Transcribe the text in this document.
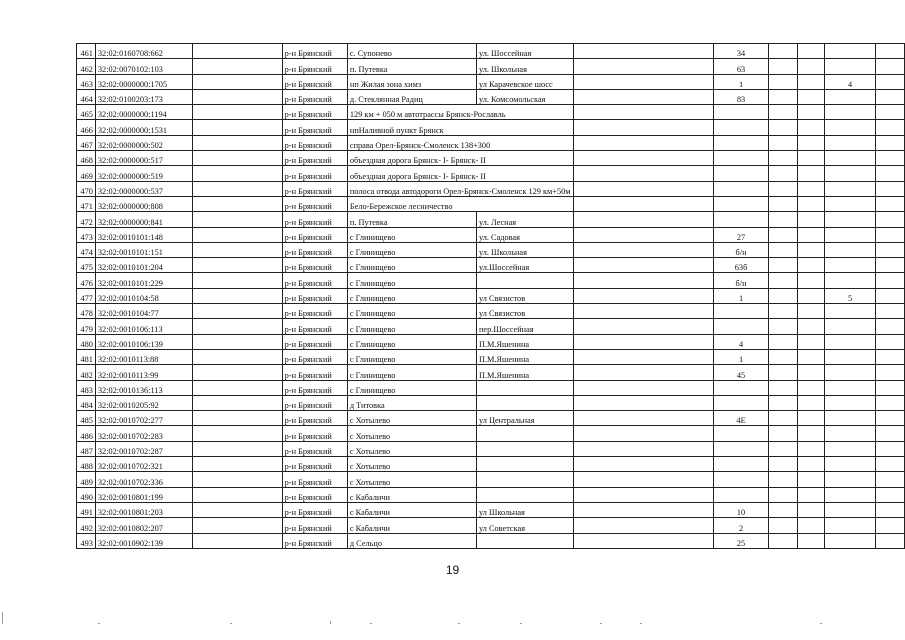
461	32:02:0160708:662		р-н Брянский	с. Супонево	ул. Шоссейная		34				
462	32:02:0070102:103		р-н Брянский	п. Путевка	ул. Школьная		63				
463	32:02:0000000:1705		р-н Брянский	нп Жилая зона химз	ул Карачевское шосс		1			4	
464	32:02:0100203:173		р-н Брянский	д. Стеклянная Радиц	ул. Комсомольская		83				
465	32:02:0000000:1194		р-н Брянский	129 км + 050 м автотрассы Брянск-Рославль							
466	32:02:0000000:1531		р-н Брянский	нпНаливной пункт Брянск							
467	32:02:0000000:502		р-н Брянский	справа Орел-Брянск-Смоленск 138+300							
468	32:02:0000000:517		р-н Брянский	объездная дорога Брянск- I- Брянск- II							
469	32:02:0000000:519		р-н Брянский	объездная дорога Брянск- I- Брянск- II							
470	32:02:0000000:537		р-н Брянский	полоса отвода автодороги Орел-Брянск-Смоленск 129 км+50м							
471	32:02:0000000:808		р-н Брянский	Бело-Бережское лесничество							
472	32:02:0000000:841		р-н Брянский	п. Путевка	ул. Лесная						
473	32:02:0010101:148		р-н Брянский	с Глинищево	ул. Садовая		27				
474	32:02:0010101:151		р-н Брянский	с Глинищево	ул. Школьная		б/н				
475	32:02:0010101:204		р-н Брянский	с Глинищево	ул.Шоссейная		63б				
476	32:02:0010101:229		р-н Брянский	с Глинищево			б/н				
477	32:02:0010104:58		р-н Брянский	с Глинищево	ул Связистов		1			5	
478	32:02:0010104:77		р-н Брянский	с Глинищево	ул Связистов						
479	32:02:0010106:113		р-н Брянский	с Глинищево	пер.Шоссейная						
480	32:02:0010106:139		р-н Брянский	с Глинищево	П.М.Яшенина		4				
481	32:02:0010113:88		р-н Брянский	с Глинищево	П.М.Яшенина		1				
482	32:02:0010113:99		р-н Брянский	с Глинищево	П.М.Яшенина		45				
483	32:02:0010136:113		р-н Брянский	с Глинищево							
484	32:02:0010205:92		р-н Брянский	д Титовка							
485	32:02:0010702:277		р-н Брянский	с Хотылево	ул Центральная		4Е				
486	32:02:0010702:283		р-н Брянский	с Хотылево							
487	32:02:0010702:287		р-н Брянский	с Хотылево							
488	32:02:0010702:321		р-н Брянский	с Хотылево							
489	32:02:0010702:336		р-н Брянский	с Хотылево							
490	32:02:0010801:199		р-н Брянский	с Кабаличи							
491	32:02:0010801:203		р-н Брянский	с Кабаличи	ул Школьная		10				
492	32:02:0010802:207		р-н Брянский	с Кабаличи	ул Советская		2				
493	32:02:0010902:139		р-н Брянский	д Сельцо			25				
19
